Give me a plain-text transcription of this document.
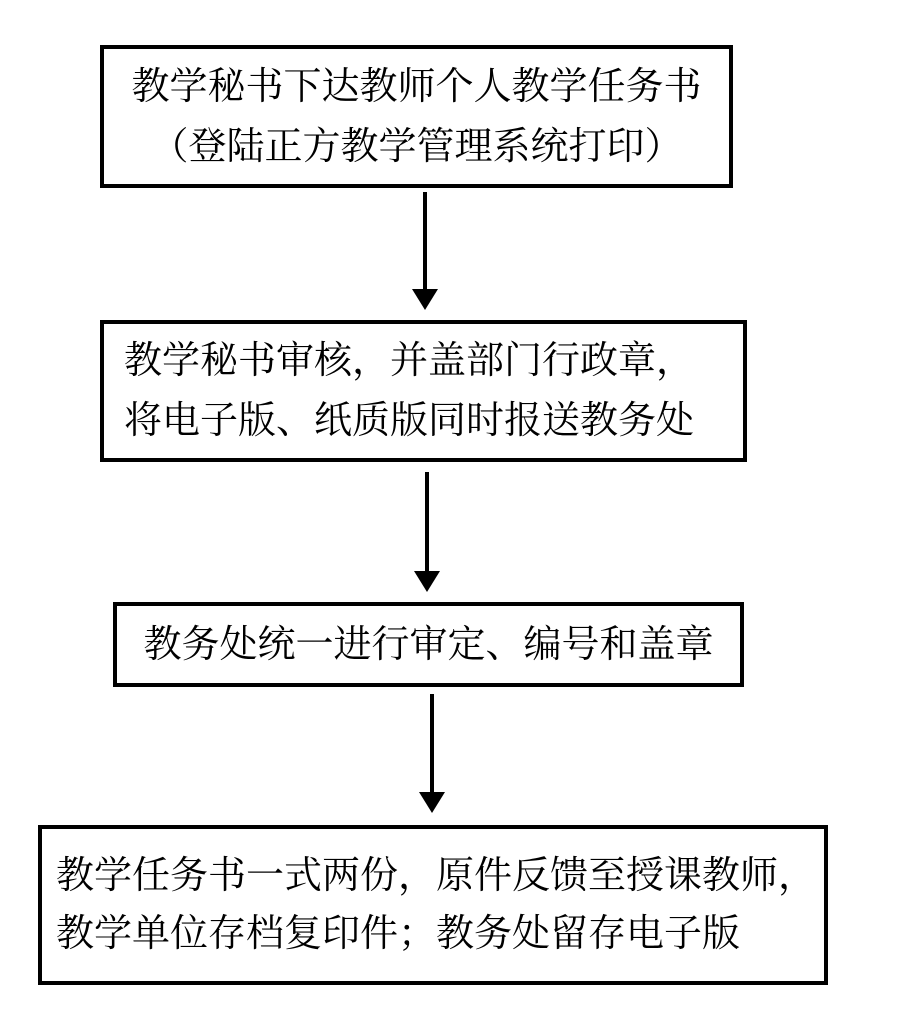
教学秘书下达教师个人教学任务书
（登陆正方教学管理系统打印）
教学秘书审核，并盖部门行政章，
将电子版、纸质版同时报送教务处
教务处统一进行审定、编号和盖章
教学任务书一式两份，原件反馈至授课教师，
教学单位存档复印件；教务处留存电子版
